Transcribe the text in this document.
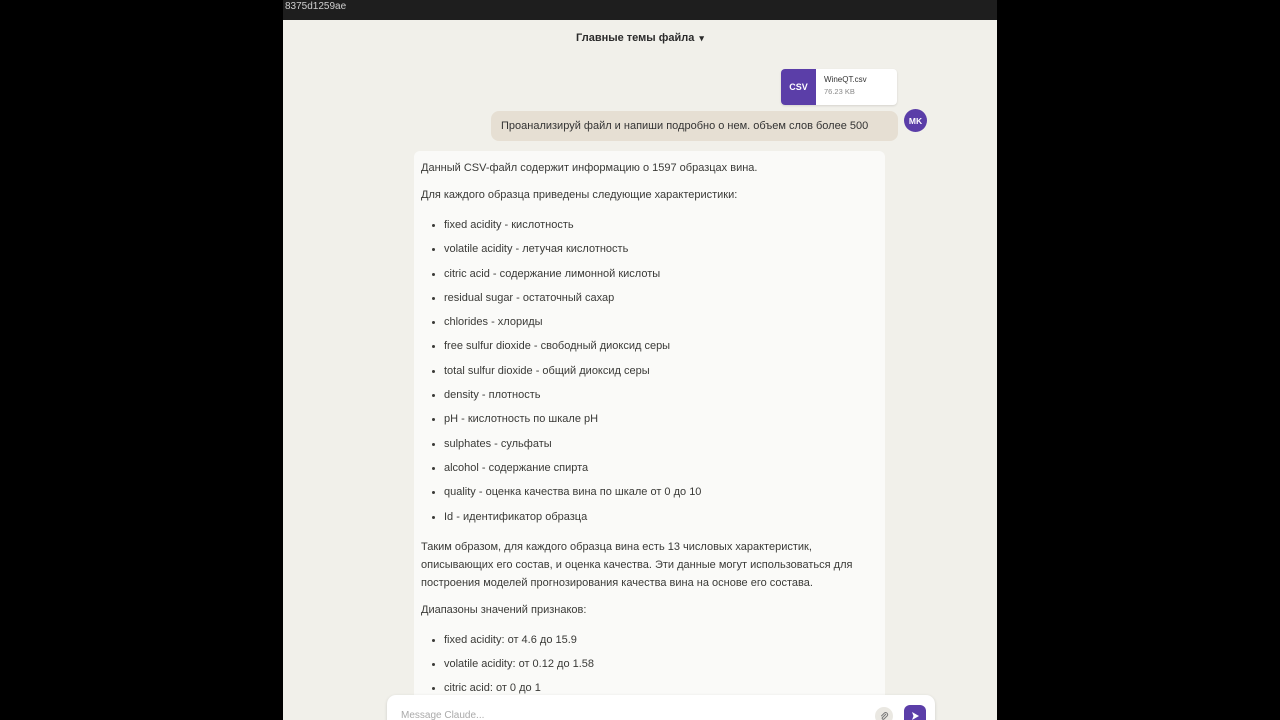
8375d1259ae
Главные темы файла ▾
CSV
WineQT.csv
76.23 KB
Проанализируй файл и напиши подробно о нем. объем слов более 500	MK

Данный CSV-файл содержит информацию о 1597 образцах вина.

Для каждого образца приведены следующие характеристики:

• fixed acidity - кислотность
• volatile acidity - летучая кислотность
• citric acid - содержание лимонной кислоты
• residual sugar - остаточный сахар
• chlorides - хлориды
• free sulfur dioxide - свободный диоксид серы
• total sulfur dioxide - общий диоксид серы
• density - плотность
• pH - кислотность по шкале pH
• sulphates - сульфаты
• alcohol - содержание спирта
• quality - оценка качества вина по шкале от 0 до 10
• Id - идентификатор образца

Таким образом, для каждого образца вина есть 13 числовых характеристик, описывающих его состав, и оценка качества. Эти данные могут использоваться для построения моделей прогнозирования качества вина на основе его состава.

Диапазоны значений признаков:

• fixed acidity: от 4.6 до 15.9
• volatile acidity: от 0.12 до 1.58
• citric acid: от 0 до 1
Message Claude...
